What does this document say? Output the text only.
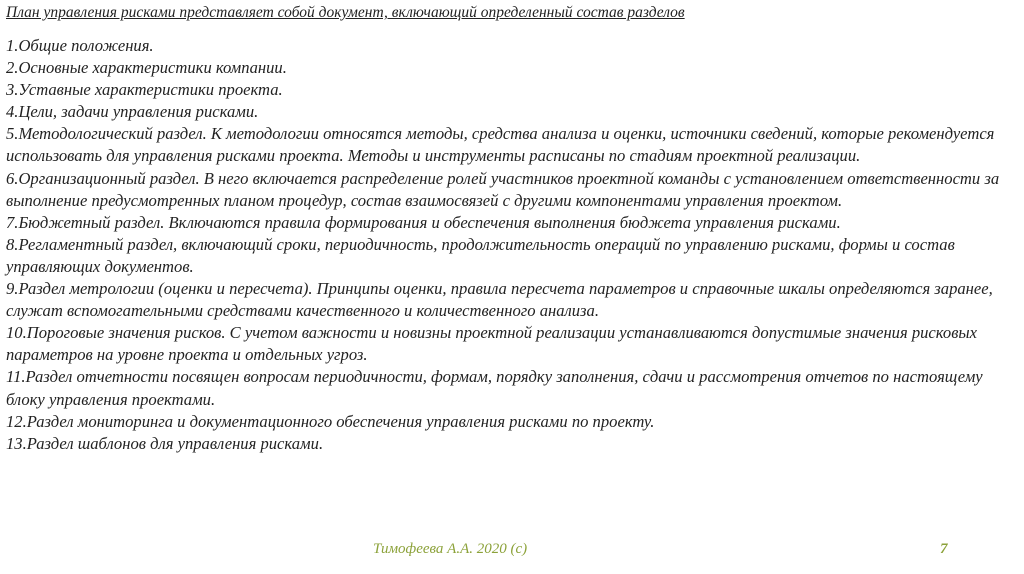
План управления рисками представляет собой документ, включающий определенный состав разделов

1.Общие положения.

2.Основные характеристики компании.

3.Уставные характеристики проекта.

4.Цели, задачи управления рисками.

5.Методологический раздел. К методологии относятся методы, средства анализа и оценки, источники сведений, которые рекомендуется использовать для управления рисками проекта. Методы и инструменты расписаны по стадиям проектной реализации.

6.Организационный раздел. В него включается распределение ролей участников проектной команды с установлением ответственности за выполнение предусмотренных планом процедур, состав взаимосвязей с другими компонентами управления проектом.

7.Бюджетный раздел. Включаются правила формирования и обеспечения выполнения бюджета управления рисками.

8.Регламентный раздел, включающий сроки, периодичность, продолжительность операций по управлению рисками, формы и состав управляющих документов.

9.Раздел метрологии (оценки и пересчета). Принципы оценки, правила пересчета параметров и справочные шкалы определяются заранее, служат вспомогательными средствами качественного и количественного анализа.

10.Пороговые значения рисков. С учетом важности и новизны проектной реализации устанавливаются допустимые значения рисковых параметров на уровне проекта и отдельных угроз.

11.Раздел отчетности посвящен вопросам периодичности, формам, порядку заполнения, сдачи и рассмотрения отчетов по настоящему блоку управления проектами.

12.Раздел мониторинга и документационного обеспечения управления рисками по проекту.

13.Раздел шаблонов для управления рисками.

Тимофеева А.А. 2020 (с)	7
